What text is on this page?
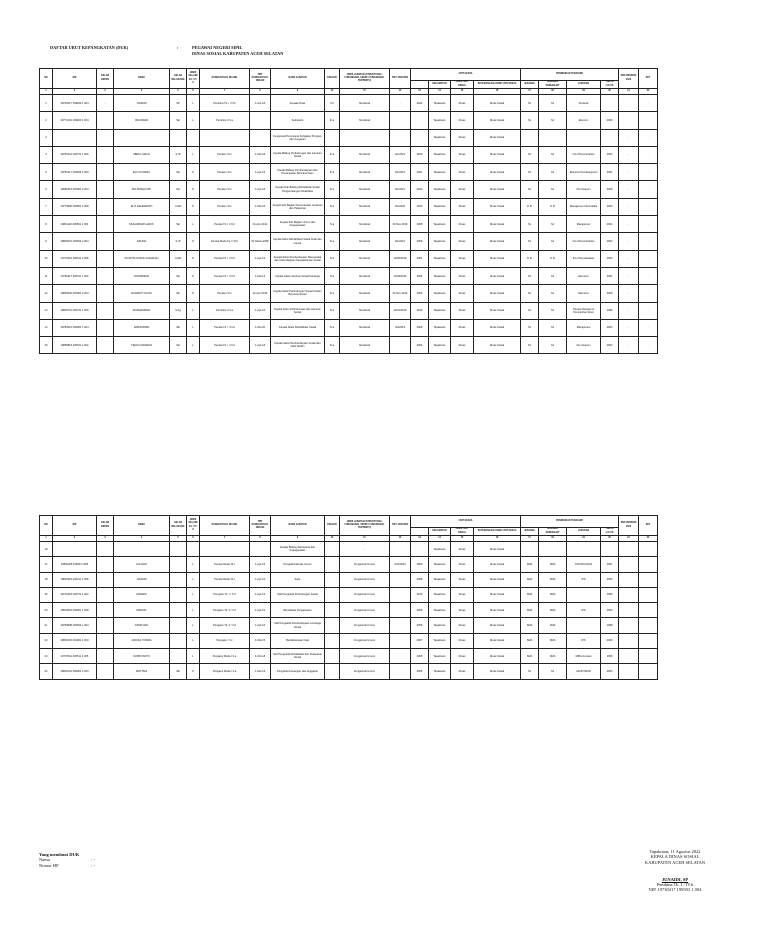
DAFTAR URUT KEPANGKATAN (DUK)	:	PEGAWAI NEGERI SIPIL
DINAS SOSIAL KABUPATEN ACEH SELATAN
NO	NIP	GELAR DEPAN	NAMA	GELAR BELAKANG	JENIS KELAMIN L / P / X	PANGKAT/GOL RUANG	TMT PANGKAT/GOLONGAN	NAMA JABATAN	ESELON	JENIS JABATAN (STRUKTURAL/ FUNGSIONAL UMUM / FUNGSIONAL TERTENTU)	TMT JABATAN	UNIT KERJA				PENDIDIKAN TERAKHIR				PNS PENSIUN 2023	KET
													KECAMATAN	JENIS UNIT KERJA	KETERANGAN UNOR/ UNIT KERJA	JENJANG	JENJANG SEDERAJAT	JURUSAN	TAHUN LULUS		
1	2	3	4	5	6	7	8	9	10	11	12	13	14	15	16	17	18	19	20	21	22
1	19730417 199503 1 004	-	JUNAIDI	SP	L	Pembina Tk. I / IV.b	1-Apr-18	Kepala Dinas	II.b	Struktural	-	2022	Tapaktuan	Dinas	Dinas Sosial	S1	S1	Pertania		.	-
2	19771201 199903 1 004		ISKANDAR	SE	L	Pembina / IV.a		Sekretaris	III.a	Struktural			Tapaktuan	Dinas	Dinas Sosial	S1	S1	Ekonom	2000		
3								Fungsional Perencana Kebijakan Program dan Anggaran					Tapaktuan	Dinas	Dinas Sosial					-	-
4	19750101 200701 1 006		ABDUL MALIK	S.IP	L	Penata / III.c	1-Okt-18	Kepala Bidang Perlindungan dan Jaminan Sosial	III.a	Struktural	4/1/2021	2020	Tapaktuan	Dinas	Dinas Sosial	S1	S1	Ilmu Pemerintahan	2004	-	-
5	19750417 200604 2 009		ELVI SYARIFA	SE	P	Penata / III.c	1-Apr-19	Kepala Bidang Pemberdayaan dan Penanganan Bencana Alam	III.a	Struktural	4/1/2021	2021	Tapaktuan	Dinas	Dinas Sosial	S1	S1	Ekonomi Pembangunan	2004	-	-
6	19680315 200901 2 004		RIA RITAHAYATI	SH	P	Penata / III.c	1-Apr-18	Kepala Sub Bidang Rehabilitasi Sosial Pengembangan Disabilitas	IV.a	Struktural	4/1/2021	2020	Tapaktuan	Dinas	Dinas Sosial	S1	S1	Ilmu Hukum	2008	-	-
7	19770906 200801 2 008		ELIT RAHMAWATI	A.Md	P	Penata / III.c	1-Okt-18	Kepala Sub Bagian Perencanaan, Evaluasi dan Pelaporan	IV.a	Struktural	4/1/2020	2020	Tapaktuan	Dinas	Dinas Sosial	D III	D III	Manajemen Informatika	2000	-	-
8	19811120 200501 1 004		MUHAMMAD HADIS	SE	L	Penata Tk. I / III.d	01-Apr-2012	Kepala Sub Bagian Umum dan Kepegawaian	IV.a	Struktural	30 Des 2019	2008	Tapaktuan	Dinas	Dinas Sosial	S1	S1	Manajemen	2004	-	-
9	19800601 200604 2 004		SAFRIA	S.IP	P	Penata Muda Tk.I / III.b	01-Maret-2008	Kepala Seksi Rehabilitasi Sosial Anak dan Lansia	IV.a	Struktural	4/1/2021	2009	Tapaktuan	Dinas	Dinas Sosial	S1	S1	Ilmu Pemerintahan	2004	-	-
10	19770401 200511 2 008		PUSPITA NURUL FADHILAH	A.Md	P	Penata Tk. I / III.d	1-Apr-19	Kepala Seksi Pemberdayaan Masyarakat dan Kelembagaan Kesejahteraan Sosial	IV.a	Struktural	12/30/2019	2004	Tapaktuan	Dinas	Dinas Sosial	D III	D III	Ilmu Perpustakaan	2000	-	-
11	19760417 200511 1 002		ROSMINIAR	SE	P	Penata Tk. I / III.d	1-Okt-14	Kepala Seksi Jaminan Sosial Keluarga	IV.a	Struktural	12/29/2016	2006	Tapaktuan	Dinas	Dinas Sosial	S1	S1	Ekonomi	2004	-	-
12	19800902 200901 2 004		RAHMATYULANI	SE	P	Penata / III.c	01-Apr-2016	Kepala Seksi Perlindungan Sosial Korban Bencana Sosial	IV.a	Struktural	30 Des 2019	2009	Tapaktuan	Dinas	Dinas Sosial	S1	S1	Ekonomi	2008	-	-
13	19800701 200701 1 006		MURHAMMAD	S.Ag	L	Pembina / IV.a	1-Apr-16	Kepala Seksi Perlindungan dan Jaminan Sosial	IV.a	Struktural	12/31/2019	2010	Tapaktuan	Dinas	Dinas Sosial	S1	S1	Pengembangan & Penyuluhan Islam	1999	-	-
14	19781016 200801 1 004		SAMSUDDIN	SE	L	Penata Tk. I / III.d	1-Okt-20	Kepala Seksi Rehabilitasi Sosial	IV.a	Struktural	4/3/2019	2009	Tapaktuan	Dinas	Dinas Sosial	S1	S1	Manajemen	2004	-	-
15	19850816 200511 1 004		TEUKU RAHMAN	SH	L	Penata Tk. I / III.d	1-Apr-18	Kepala Seksi Pemberdayaan Sosial dan Fakir Miskin	IV.a	Struktural		2004	Tapaktuan	Dinas	Dinas Sosial	S1	S1	Ilmu Hukum	2004	-	-
NO	NIP	GELAR DEPAN	NAMA	GELAR BELAKANG	JENIS KELAMIN L / P / X	PANGKAT/GOL RUANG	TMT PANGKAT/GOLONGAN	NAMA JABATAN	ESELON	JENIS JABATAN (STRUKTURAL/ FUNGSIONAL UMUM / FUNGSIONAL TERTENTU)	TMT JABATAN	UNIT KERJA				PENDIDIKAN TERAKHIR				PNS PENSIUN 2023	KET
													KECAMATAN	JENIS UNIT KERJA	KETERANGAN UNOR/ UNIT KERJA	JENJANG	JENJANG SEDERAJAT	JURUSAN	TAHUN LULUS		
1	2	3	4	5	6	7	8	9	10	11	12	13	14	15	16	17	18	19	20	21	22
16								Kepala Bidang Sekretariat dan Kepegawaian		-			Tapaktuan	Dinas	Dinas Sosial						
17	19860408 199603 1005		ZULHAM		L	Penata Muda Tk.I	1-Apr-15	Pengadministrasi Umum		Fungsional Umum	1/31/2010	2000	Tapaktuan	Dinas	Dinas Sosial	SMA	SMA	TATA BUSANA	1997		
18	19810901 200211 1 008		JUNAIDI		L	Penata Muda Tk.I	1-Apr-15	Sopir		Fungsional Umum		2008	Tapaktuan	Dinas	Dinas Sosial	SMA	SMA	IPS	2000		
19	19710218 200701 1 002		ARDIANI		L	Pengatur Tk. I / II.d	1-Apr-19	Staf Pengelola Perlindungan Sosial		Fungsional Umum		2010	Tapaktuan	Dinas	Dinas Sosial	SMA	SMA		1990		
20	19810904 200901 1 008		AFRIZAL		L	Pengatur Tk. II / II.d	1-Apr-15	Bendahara Pengeluaran		Fungsional Umum		2009	Tapaktuan	Dinas	Dinas Sosial	SMA	SMA	IPS	2000		
21	19750808 200604 1 004		ASMITHAN		L	Pengatur Tk. II / II.d	1-Apr-15	Staf Pengelola Pemberdayaan Lembaga Sosial		Fungsional Umum		2006	Tapaktuan	Dinas	Dinas Sosial	SMA	SMA		1998		
22	19801015 201001 1 003		ANDIKA YOWRA		L	Pengatur / II.c	1-Okt-15	Bendaharawan Gaji		Fungsional Umum		2007	Tapaktuan	Dinas	Dinas Sosial	SMA	SMA	IPS	2000		
23	19770611 200511 1 005		SUPRIYANTO		L	Pengatur Muda / II.a	1-Okt-18	Staf Pengelola Rehabilitasi dan Pelayanan Sosial		Fungsional Umum		2005	Tapaktuan	Dinas	Dinas Sosial	SMA	SMA	MIPA Jurusan	1995		
24	19800131 200901 2 003		WATTANI	SE	P	Pengatur Muda / II.a	1-Okt-19	Pengelola Keuangan dan Anggaran		Fungsional Umum		2005	Tapaktuan	Dinas	Dinas Sosial	S1	S1	AKUNTANSI	2003		
Yang membuat DUK
Nama	: -
Nomor HP	: -
Tapaktuan, 11 Agustus 2022
KEPALA DINAS SOSIAL
KABUPATEN ACEH SELATAN
JUNAIDI, SP
Pembina Tk. I / IV.b
NIP. 19730417 199503 1 004
